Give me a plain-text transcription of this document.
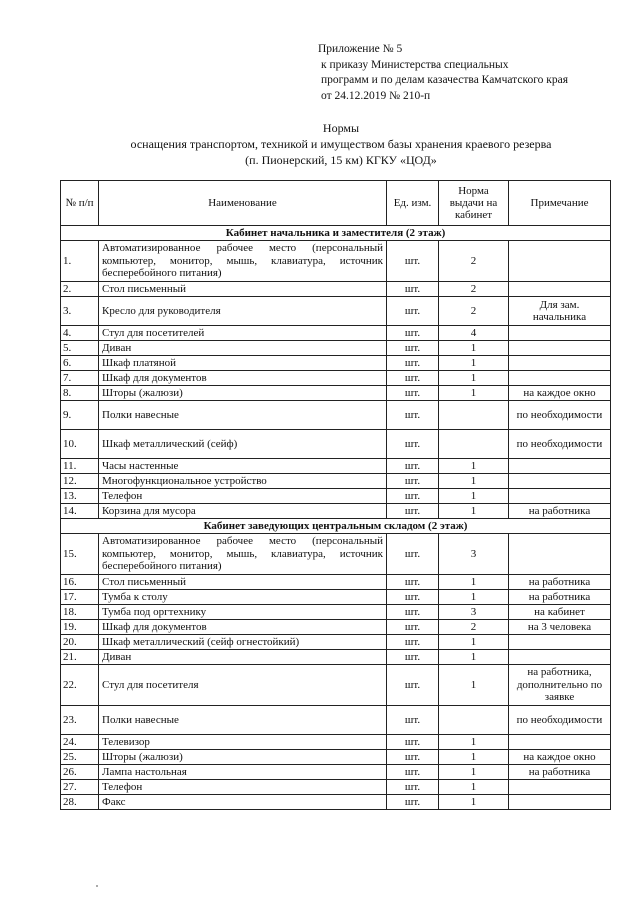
Приложение № 5
к приказу Министерства специальных
программ и по делам казачества Камчатского края
от 24.12.2019 № 210-п
Нормы
оснащения транспортом, техникой и имуществом базы хранения краевого резерва
(п. Пионерский, 15 км) КГКУ «ЦОД»
№ п/п	Наименование	Ед. изм.	Норма выдачи на кабинет	Примечание
Кабинет начальника и заместителя (2 этаж)				
1.	Автоматизированное рабочее место (персональный компьютер, монитор, мышь, клавиатура, источник бесперебойного питания)	шт.	2	
2.	Стол письменный	шт.	2	
3.	Кресло для руководителя	шт.	2	Для зам. начальника
4.	Стул для посетителей	шт.	4	
5.	Диван	шт.	1	
6.	Шкаф платяной	шт.	1	
7.	Шкаф для документов	шт.	1	
8.	Шторы (жалюзи)	шт.	1	на каждое окно
9.	Полки навесные	шт.		по необходимости
10.	Шкаф металлический (сейф)	шт.		по необходимости
11.	Часы настенные	шт.	1	
12.	Многофункциональное устройство	шт.	1	
13.	Телефон	шт.	1	
14.	Корзина для мусора	шт.	1	на работника
Кабинет заведующих центральным складом (2 этаж)				
15.	Автоматизированное рабочее место (персональный компьютер, монитор, мышь, клавиатура, источник бесперебойного питания)	шт.	3	
16.	Стол письменный	шт.	1	на работника
17.	Тумба к столу	шт.	1	на работника
18.	Тумба под оргтехнику	шт.	3	на кабинет
19.	Шкаф для документов	шт.	2	на 3 человека
20.	Шкаф металлический (сейф огнестойкий)	шт.	1	
21.	Диван	шт.	1	
22.	Стул для посетителя	шт.	1	на работника, дополнительно по заявке
23.	Полки навесные	шт.		по необходимости
24.	Телевизор	шт.	1	
25.	Шторы (жалюзи)	шт.	1	на каждое окно
26.	Лампа настольная	шт.	1	на работника
27.	Телефон	шт.	1	
28.	Факс	шт.	1	
